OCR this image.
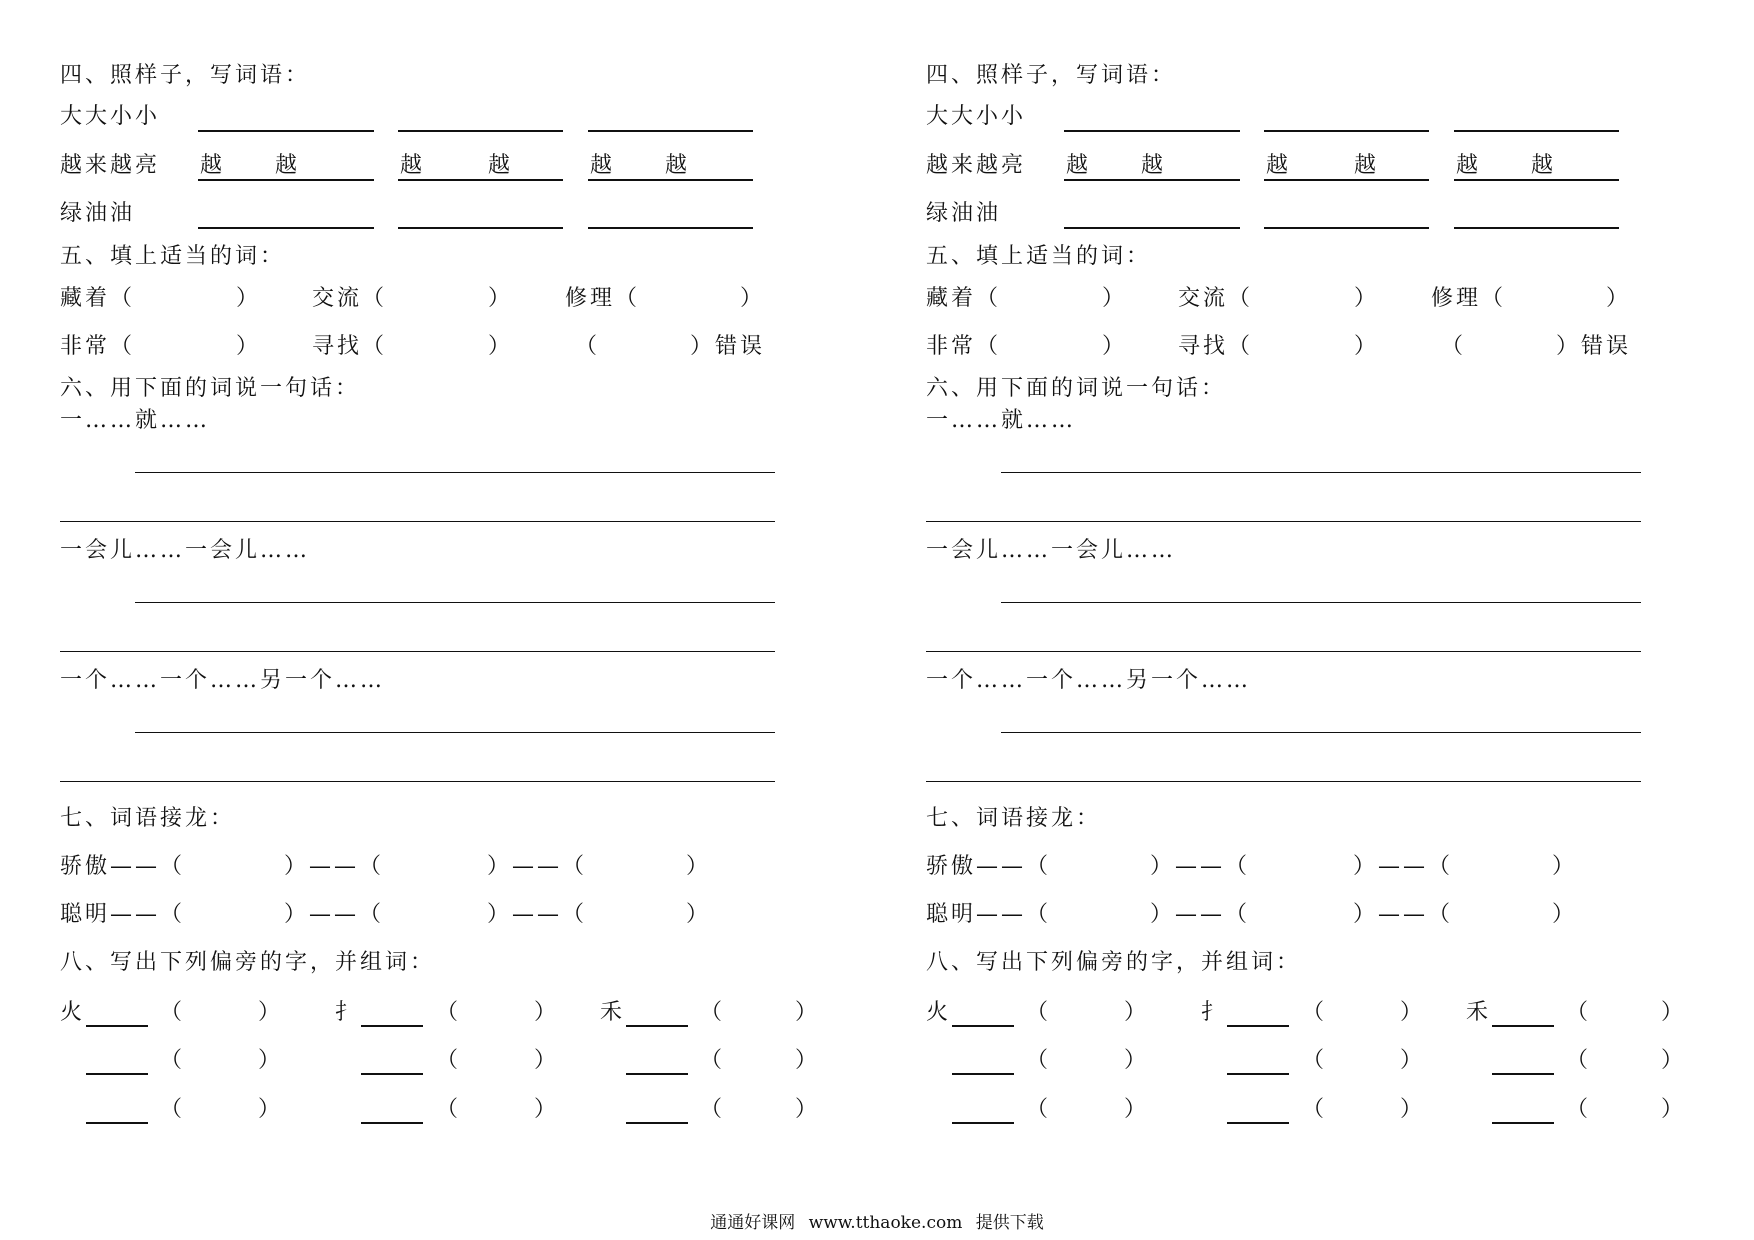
四、照样子，写词语：
大大小小
越来越亮 越 越	越	越	越 越
绿油油
五、填上适当的词：
藏着（	） 交流（	） 修理（	）
非常（	） 寻找（	）	（	）错误
六、用下面的词说一句话：
一……就……
一会儿……一会儿……
一个……一个……另一个……
七、词语接龙：
骄傲 ——（	）——（	）——（	）
聪明 ——（	）——（	）——（	）
八、写出下列偏旁的字，并组词：
火	（	） 扌	（	） 禾	（	）
（	）	（	）	（	）
（	）	（	）	（	）
四、照样子，写词语：
大大小小
越来越亮 越 越	越	越	越 越
绿油油
五、填上适当的词：
藏着（	） 交流（	） 修理（	）
非常（	） 寻找（	）	（	）错误
六、用下面的词说一句话：
一……就……
一会儿……一会儿……
一个……一个……另一个……
七、词语接龙：
骄傲 ——（	）——（	）——（	）
聪明 ——（	）——（	）——（	）
八、写出下列偏旁的字，并组词：
火	（	） 扌	（	） 禾	（	）
（	）	（	）	（	）
（	）	（	）	（	）
通通好课网 www.tthaoke.com 提供下载
